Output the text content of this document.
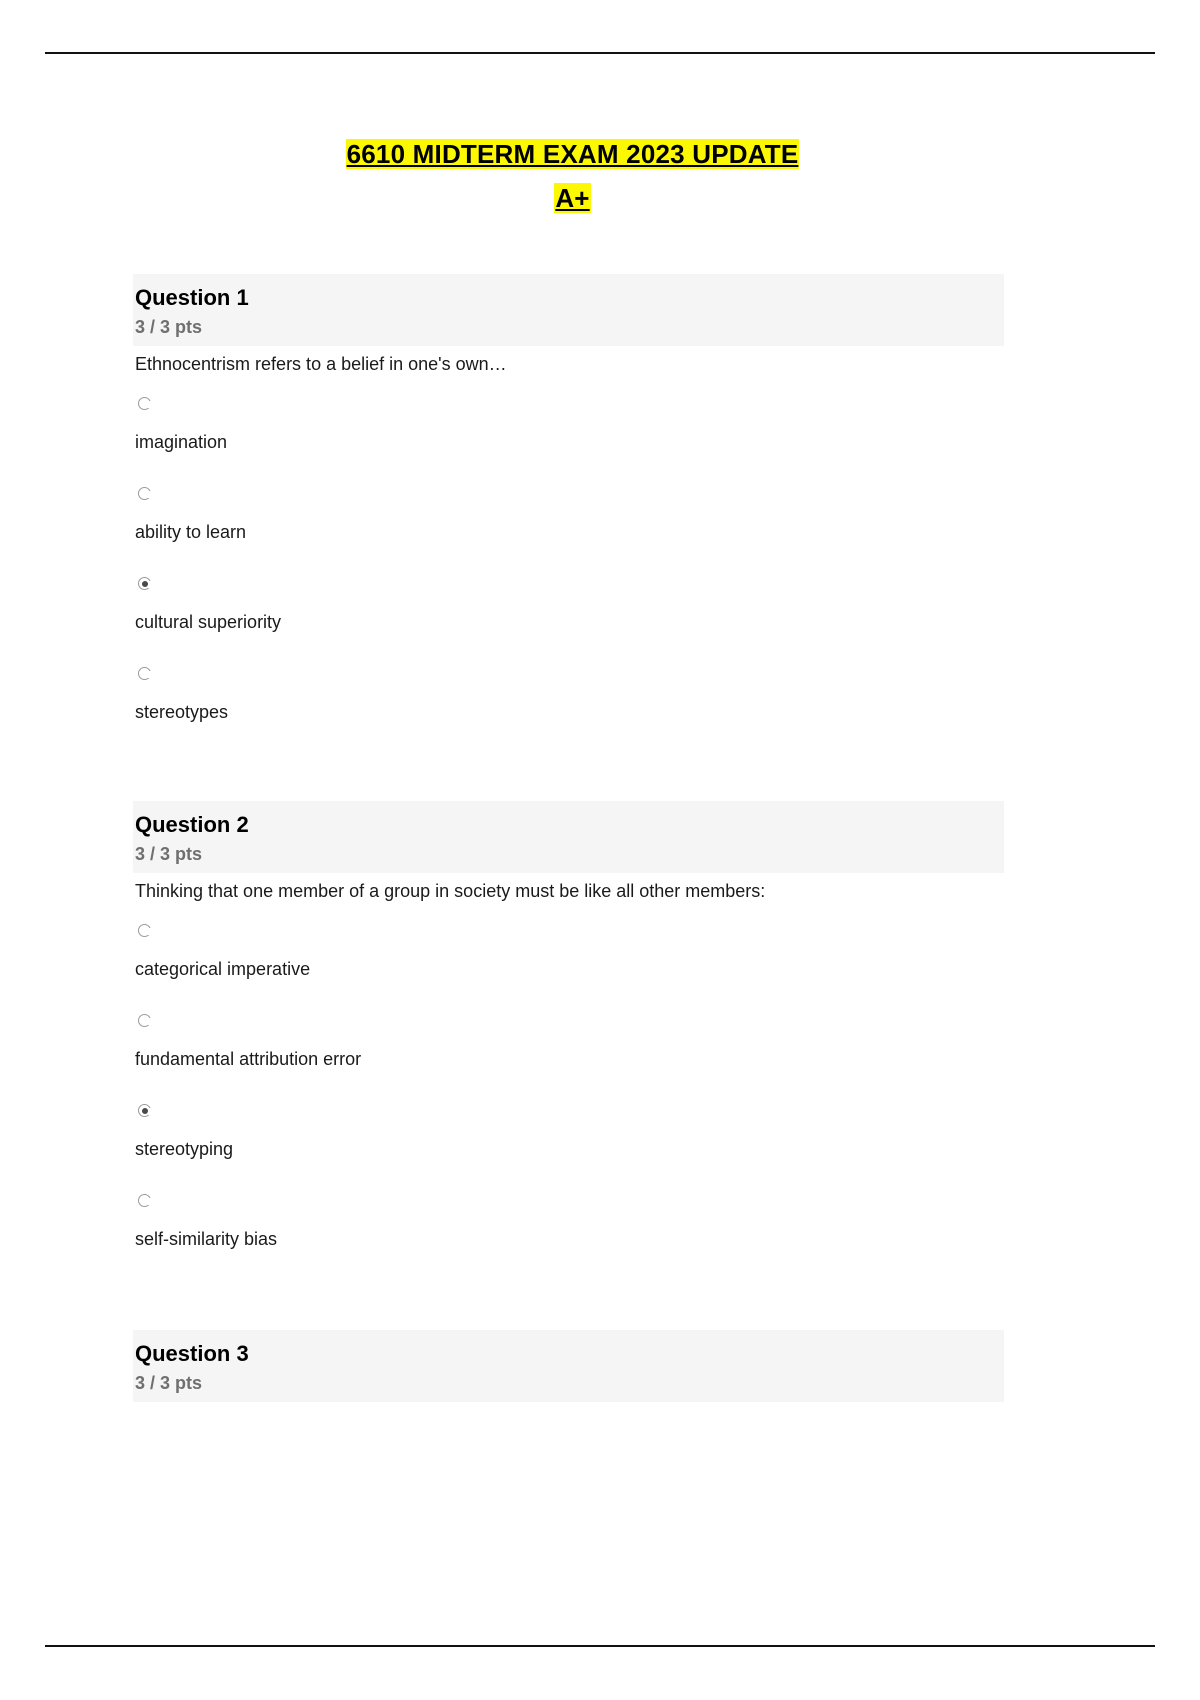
6610 MIDTERM EXAM 2023 UPDATE
A+
Question 1
3 / 3 pts
Ethnocentrism refers to a belief in one's own…
imagination
ability to learn
cultural superiority
stereotypes
Question 2
3 / 3 pts
Thinking that one member of a group in society must be like all other members:
categorical imperative
fundamental attribution error
stereotyping
self-similarity bias
Question 3
3 / 3 pts
